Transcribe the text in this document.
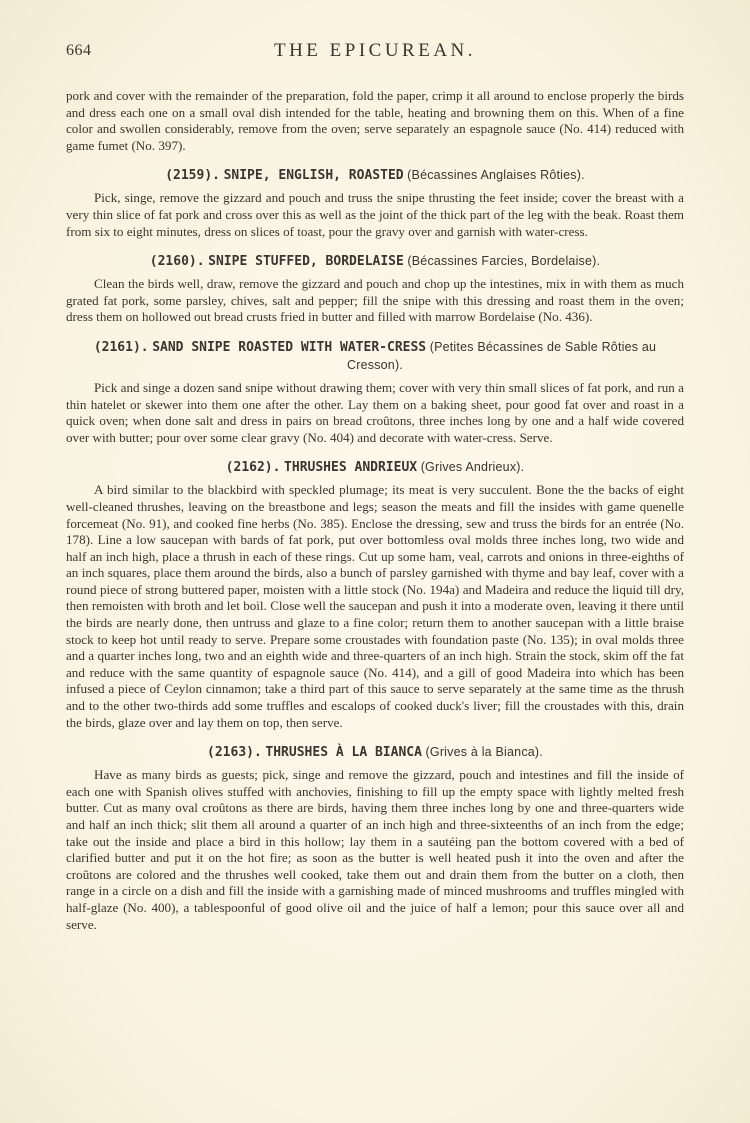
664	THE EPICUREAN.

pork and cover with the remainder of the preparation, fold the paper, crimp it all around to enclose properly the birds and dress each one on a small oval dish intended for the table, heating and browning them on this. When of a fine color and swollen considerably, remove from the oven; serve separately an espagnole sauce (No. 414) reduced with game fumet (No. 397).

(2159). SNIPE, ENGLISH, ROASTED (Bécassines Anglaises Rôties).

Pick, singe, remove the gizzard and pouch and truss the snipe thrusting the feet inside; cover the breast with a very thin slice of fat pork and cross over this as well as the joint of the thick part of the leg with the beak. Roast them from six to eight minutes, dress on slices of toast, pour the gravy over and garnish with water-cress.

(2160). SNIPE STUFFED, BORDELAISE (Bécassines Farcies, Bordelaise).

Clean the birds well, draw, remove the gizzard and pouch and chop up the intestines, mix in with them as much grated fat pork, some parsley, chives, salt and pepper; fill the snipe with this dressing and roast them in the oven; dress them on hollowed out bread crusts fried in butter and filled with marrow Bordelaise (No. 436).

(2161). SAND SNIPE ROASTED WITH WATER-CRESS (Petites Bécassines de Sable Rôties au Cresson).

Pick and singe a dozen sand snipe without drawing them; cover with very thin small slices of fat pork, and run a thin hatelet or skewer into them one after the other. Lay them on a baking sheet, pour good fat over and roast in a quick oven; when done salt and dress in pairs on bread croûtons, three inches long by one and a half wide covered over with butter; pour over some clear gravy (No. 404) and decorate with water-cress. Serve.

(2162). THRUSHES ANDRIEUX (Grives Andrieux).

A bird similar to the blackbird with speckled plumage; its meat is very succulent. Bone the the backs of eight well-cleaned thrushes, leaving on the breastbone and legs; season the meats and fill the insides with game quenelle forcemeat (No. 91), and cooked fine herbs (No. 385). Enclose the dressing, sew and truss the birds for an entrée (No. 178). Line a low saucepan with bards of fat pork, put over bottomless oval molds three inches long, two wide and half an inch high, place a thrush in each of these rings. Cut up some ham, veal, carrots and onions in three-eighths of an inch squares, place them around the birds, also a bunch of parsley garnished with thyme and bay leaf, cover with a round piece of strong buttered paper, moisten with a little stock (No. 194a) and Madeira and reduce the liquid till dry, then remoisten with broth and let boil. Close well the saucepan and push it into a moderate oven, leaving it there until the birds are nearly done, then untruss and glaze to a fine color; return them to another saucepan with a little braise stock to keep hot until ready to serve. Prepare some croustades with foundation paste (No. 135); in oval molds three and a quarter inches long, two and an eighth wide and three-quarters of an inch high. Strain the stock, skim off the fat and reduce with the same quantity of espagnole sauce (No. 414), and a gill of good Madeira into which has been infused a piece of Ceylon cinnamon; take a third part of this sauce to serve separately at the same time as the thrush and to the other two-thirds add some truffles and escalops of cooked duck's liver; fill the croustades with this, drain the birds, glaze over and lay them on top, then serve.

(2163). THRUSHES À LA BIANCA (Grives à la Bianca).

Have as many birds as guests; pick, singe and remove the gizzard, pouch and intestines and fill the inside of each one with Spanish olives stuffed with anchovies, finishing to fill up the empty space with lightly melted fresh butter. Cut as many oval croûtons as there are birds, having them three inches long by one and three-quarters wide and half an inch thick; slit them all around a quarter of an inch high and three-sixteenths of an inch from the edge; take out the inside and place a bird in this hollow; lay them in a sautéing pan the bottom covered with a bed of clarified butter and put it on the hot fire; as soon as the butter is well heated push it into the oven and after the croûtons are colored and the thrushes well cooked, take them out and drain them from the butter on a cloth, then range in a circle on a dish and fill the inside with a garnishing made of minced mushrooms and truffles mingled with half-glaze (No. 400), a tablespoonful of good olive oil and the juice of half a lemon; pour this sauce over all and serve.
